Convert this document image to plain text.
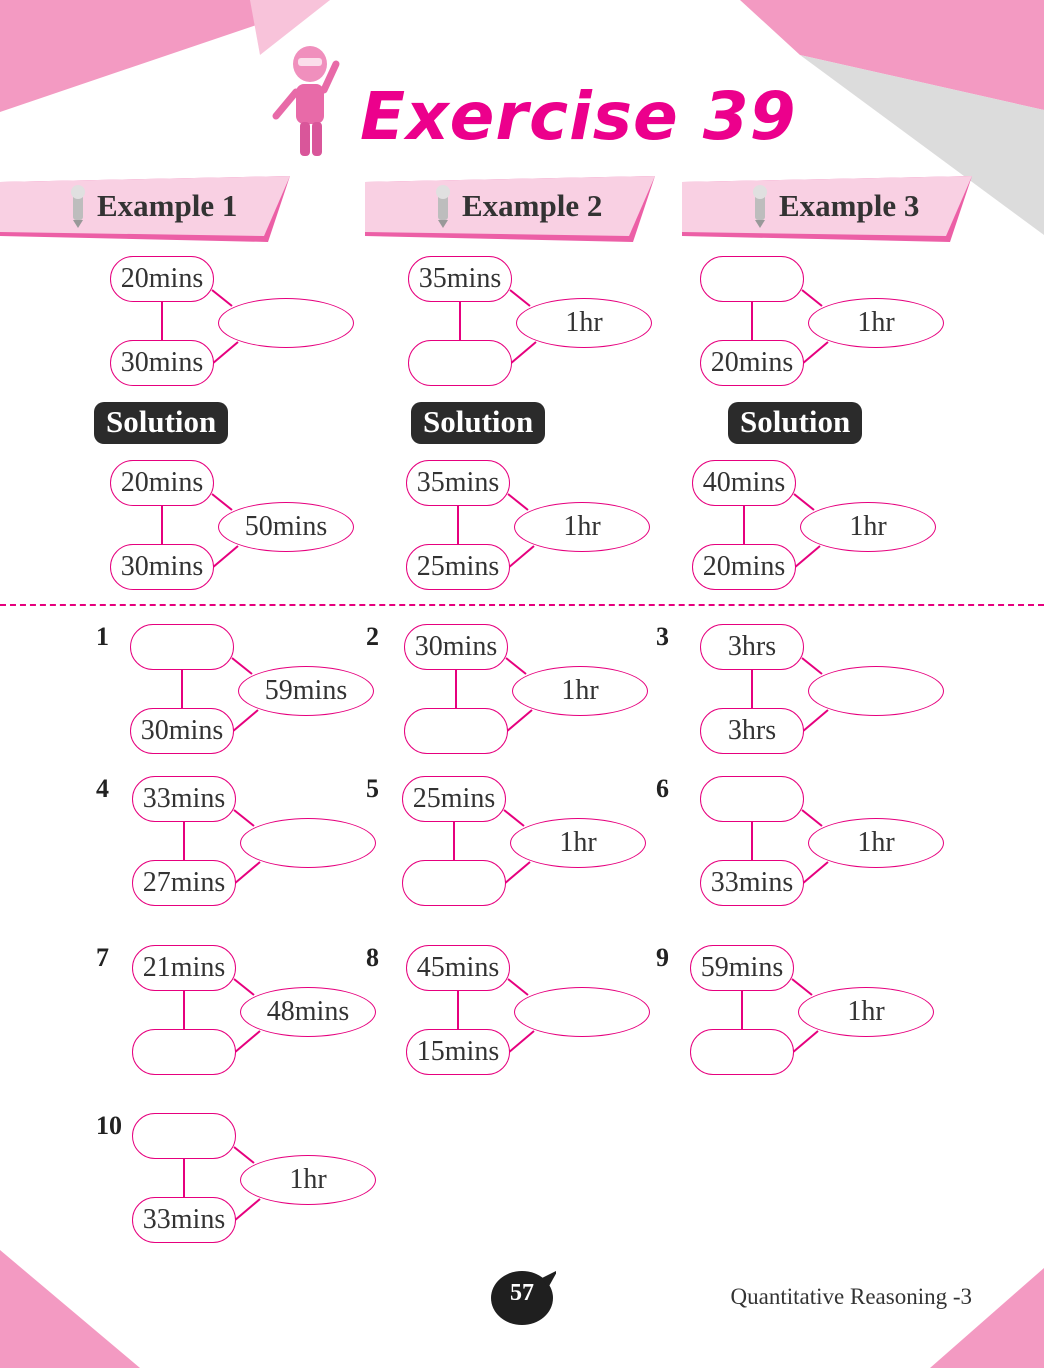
Exercise 39
Example 1
Solution
Example 2
Solution
Example 3
Solution
20mins
30mins
20mins
30mins
50mins
35mins
1hr
35mins
25mins
1hr
20mins
1hr
40mins
20mins
1hr
1
30mins
59mins
2	30mins
1hr
3	3hrs
3hrs
4	33mins
27mins
5	25mins
1hr
6
33mins
1hr
7	21mins
48mins
8	45mins
15mins
9	59mins
1hr
10
33mins
1hr
57	Quantitative Reasoning -3
